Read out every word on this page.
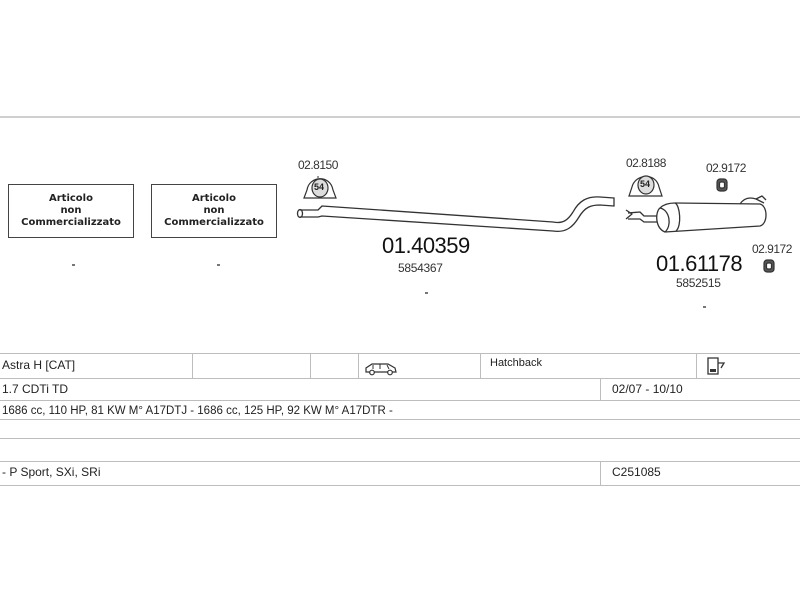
Articolo
non
Commercializzato
Articolo
non
Commercializzato
54	54
02.8150
01.40359
5854367
02.8188	02.9172
02.9172
01.61178
5852515
Astra H [CAT]	Hatchback
1.7 CDTi TD	02/07 - 10/10
1686 cc, 110 HP, 81 KW M° A17DTJ - 1686 cc, 125 HP, 92 KW M° A17DTR -
- P Sport, SXi, SRi	C251085
